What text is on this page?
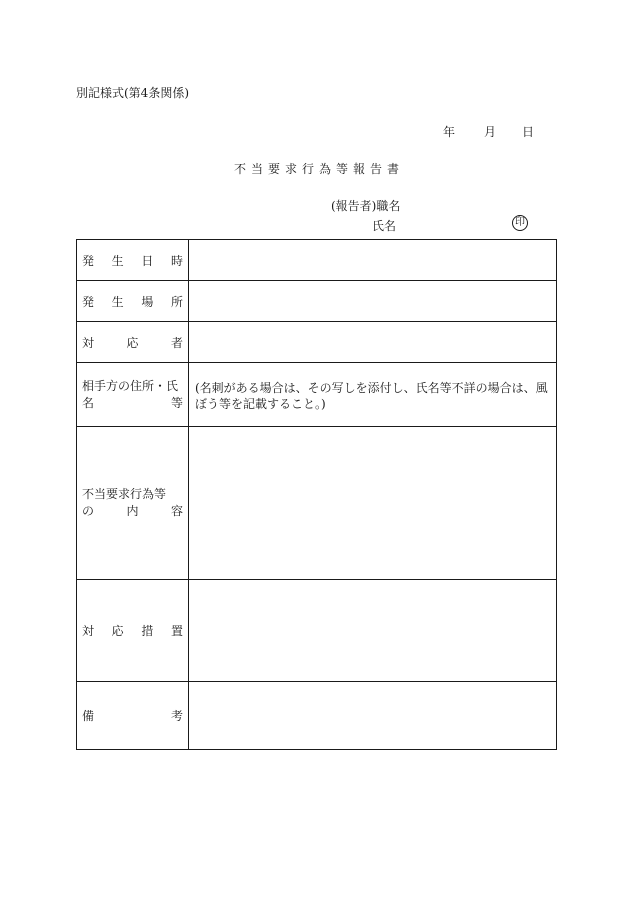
別記様式(第4条関係)
年 月 日
不当要求行為等報告書
(報告者)職名
氏名	印
発 生 日 時	

発 生 場 所	

対 応 者	

相手方の住所・氏
名 等	(名刺がある場合は、その写しを添付し、氏名等不詳の場合は、風ぼう等を記載すること。)

不当要求行為等
の 内 容	

対 応 措 置	

備 考	
